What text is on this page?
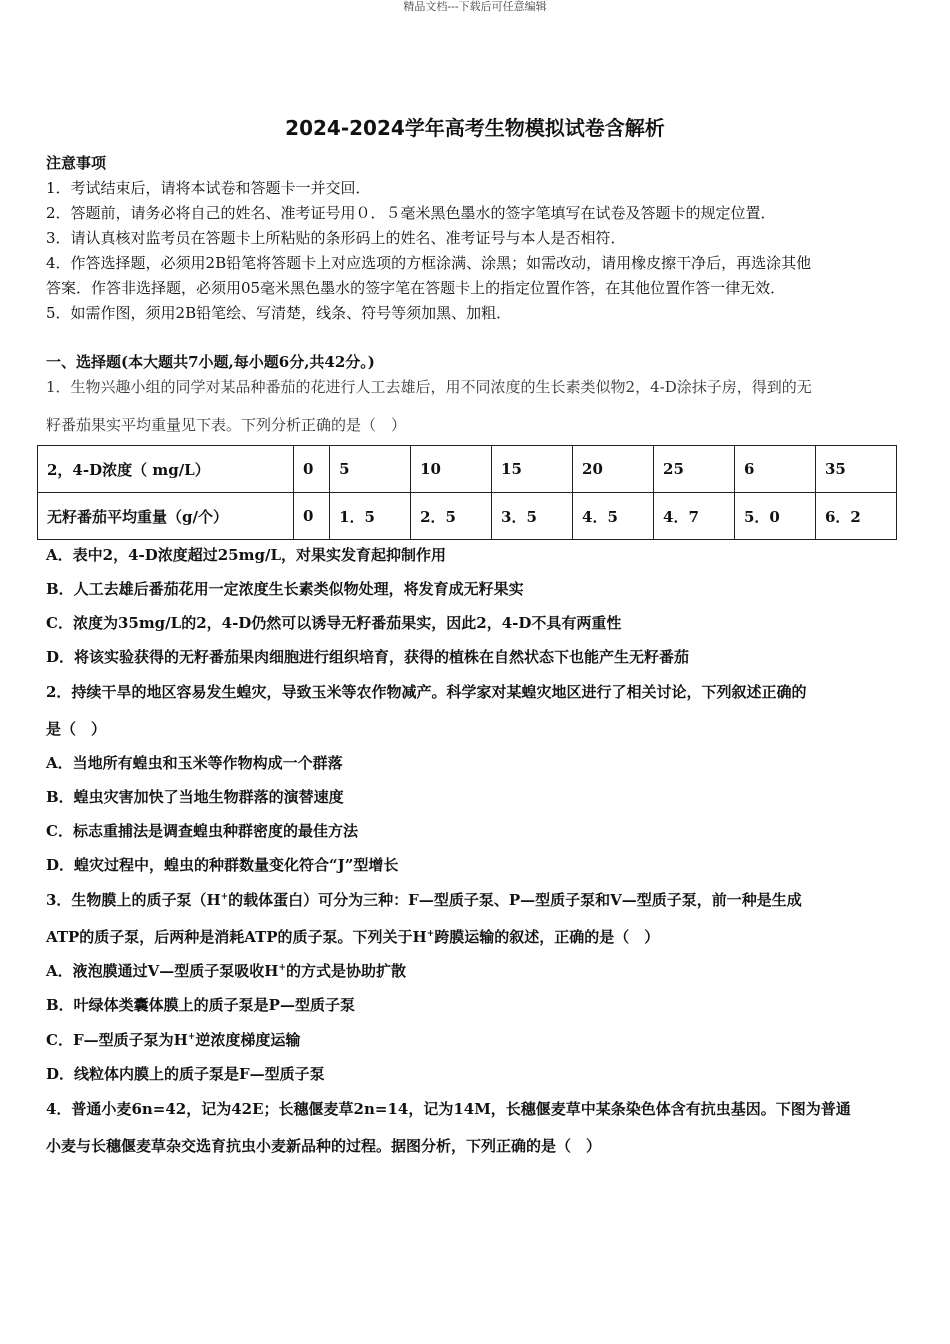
精品文档---下载后可任意编辑
2024-2024学年高考生物模拟试卷含解析
注意事项
1．考试结束后，请将本试卷和答题卡一并交回．
2．答题前，请务必将自己的姓名、准考证号用０．５毫米黑色墨水的签字笔填写在试卷及答题卡的规定位置．
3．请认真核对监考员在答题卡上所粘贴的条形码上的姓名、准考证号与本人是否相符．
4．作答选择题，必须用2B铅笔将答题卡上对应选项的方框涂满、涂黑；如需改动，请用橡皮擦干净后，再选涂其他
答案．作答非选择题，必须用05毫米黑色墨水的签字笔在答题卡上的指定位置作答，在其他位置作答一律无效．
5．如需作图，须用2B铅笔绘、写清楚，线条、符号等须加黑、加粗．
一、选择题(本大题共7小题,每小题6分,共42分。)
1．生物兴趣小组的同学对某品种番茄的花进行人工去雄后，用不同浓度的生长素类似物2，4-D涂抹子房，得到的无
籽番茄果实平均重量见下表。下列分析正确的是（　）
2，4-D浓度（ mg/L）	0	5	10	15	20	25	6	35
无籽番茄平均重量（g/个）	0	1．5	2．5	3．5	4．5	4．7	5．0	6．2
A．表中2，4-D浓度超过25mg/L，对果实发育起抑制作用
B．人工去雄后番茄花用一定浓度生长素类似物处理，将发育成无籽果实
C．浓度为35mg/L的2，4-D仍然可以诱导无籽番茄果实，因此2，4-D不具有两重性
D．将该实验获得的无籽番茄果肉细胞进行组织培育，获得的植株在自然状态下也能产生无籽番茄
2．持续干旱的地区容易发生蝗灾，导致玉米等农作物减产。科学家对某蝗灾地区进行了相关讨论，下列叙述正确的
是（　）
A．当地所有蝗虫和玉米等作物构成一个群落
B．蝗虫灾害加快了当地生物群落的演替速度
C．标志重捕法是调查蝗虫种群密度的最佳方法
D．蝗灾过程中，蝗虫的种群数量变化符合“J”型增长
3．生物膜上的质子泵（H+的载体蛋白）可分为三种：F—型质子泵、P—型质子泵和V—型质子泵，前一种是生成
ATP的质子泵，后两种是消耗ATP的质子泵。下列关于H+跨膜运输的叙述，正确的是（　）
A．液泡膜通过V—型质子泵吸收H+的方式是协助扩散
B．叶绿体类囊体膜上的质子泵是P—型质子泵
C．F—型质子泵为H+逆浓度梯度运输
D．线粒体内膜上的质子泵是F—型质子泵
4．普通小麦6n=42，记为42E；长穗偃麦草2n=14，记为14M，长穗偃麦草中某条染色体含有抗虫基因。下图为普通
小麦与长穗偃麦草杂交选育抗虫小麦新品种的过程。据图分析，下列正确的是（　）
